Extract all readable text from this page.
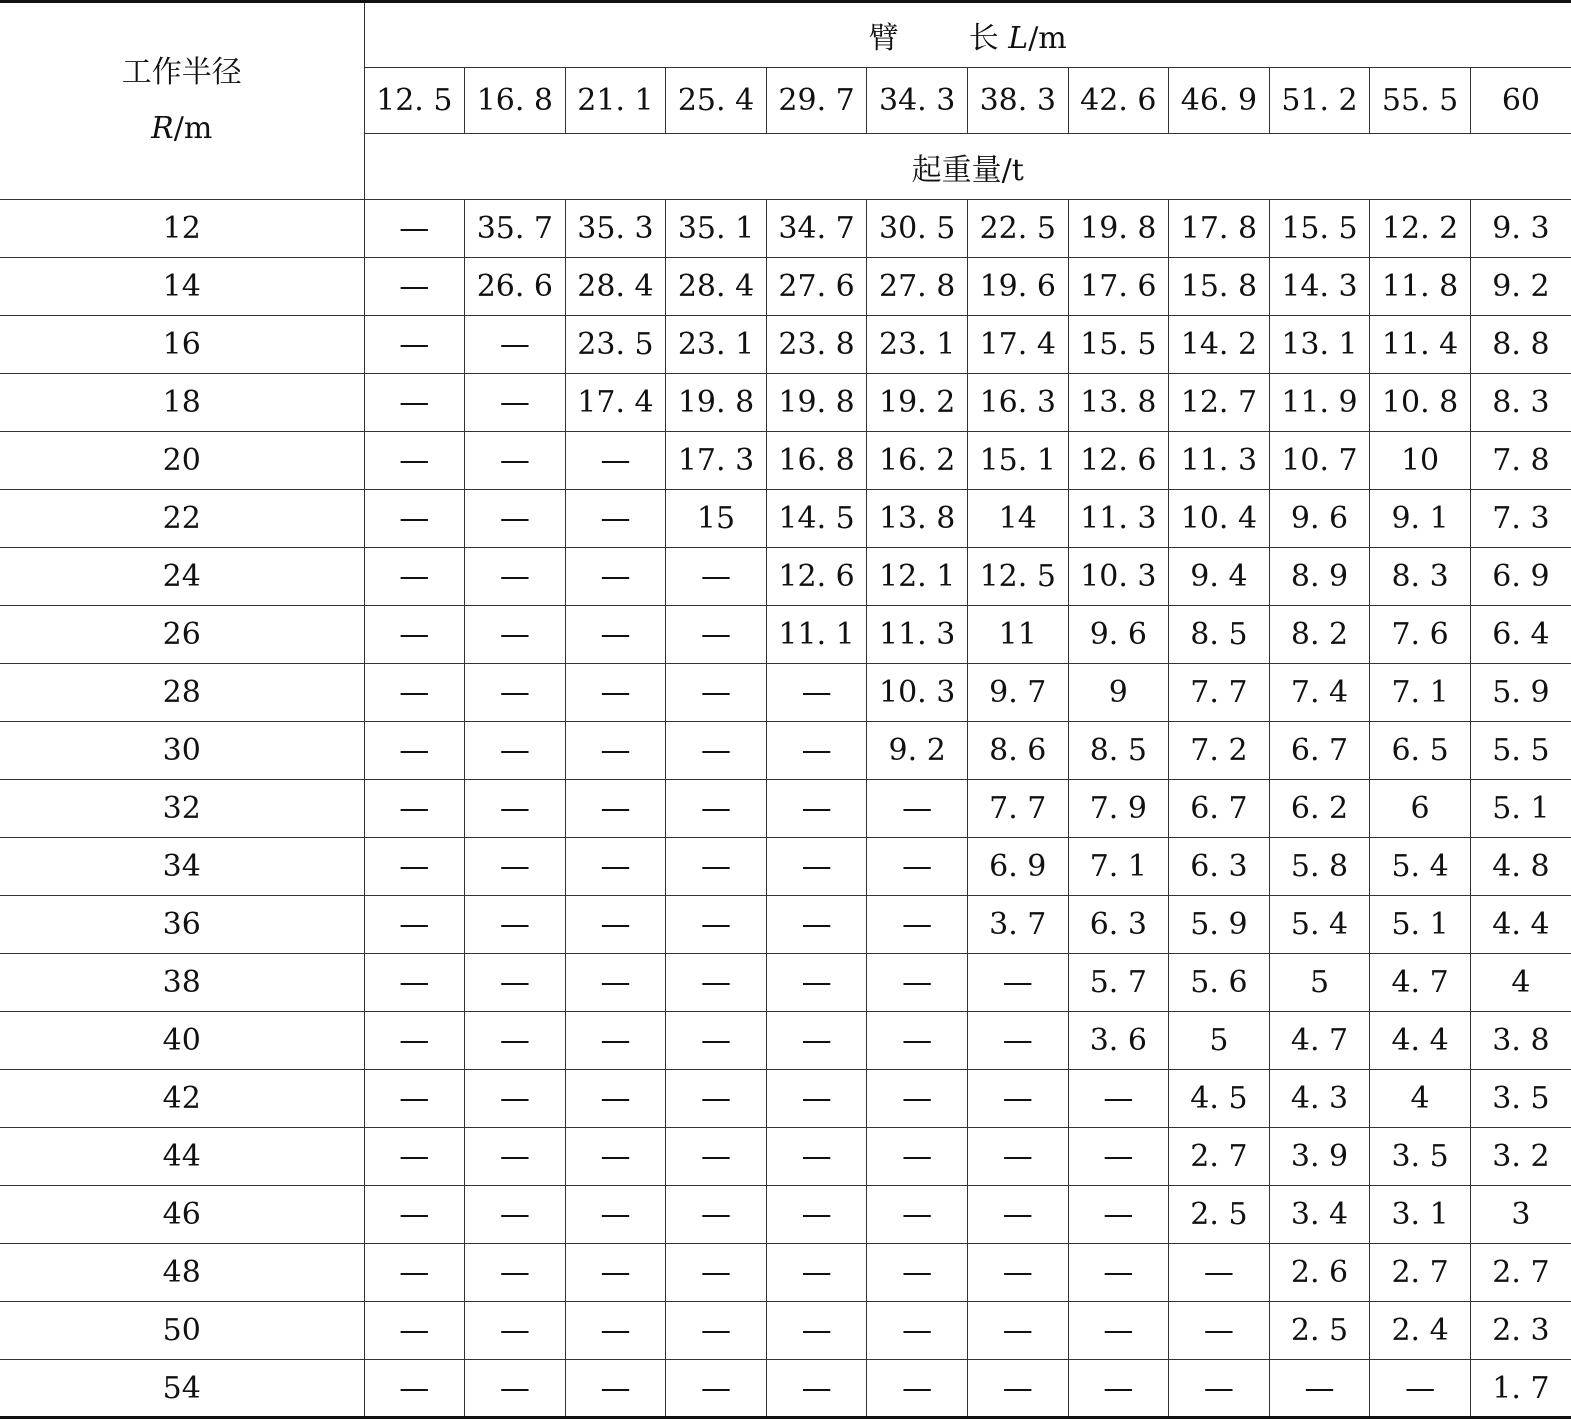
工作半径
R/m	臂 长 L/m											
	12. 5	16. 8	21. 1	25. 4	29. 7	34. 3	38. 3	42. 6	46. 9	51. 2	55. 5	60
	起重量/t											
12	—	35. 7	35. 3	35. 1	34. 7	30. 5	22. 5	19. 8	17. 8	15. 5	12. 2	9. 3
14	—	26. 6	28. 4	28. 4	27. 6	27. 8	19. 6	17. 6	15. 8	14. 3	11. 8	9. 2
16	—	—	23. 5	23. 1	23. 8	23. 1	17. 4	15. 5	14. 2	13. 1	11. 4	8. 8
18	—	—	17. 4	19. 8	19. 8	19. 2	16. 3	13. 8	12. 7	11. 9	10. 8	8. 3
20	—	—	—	17. 3	16. 8	16. 2	15. 1	12. 6	11. 3	10. 7	10	7. 8
22	—	—	—	15	14. 5	13. 8	14	11. 3	10. 4	9. 6	9. 1	7. 3
24	—	—	—	—	12. 6	12. 1	12. 5	10. 3	9. 4	8. 9	8. 3	6. 9
26	—	—	—	—	11. 1	11. 3	11	9. 6	8. 5	8. 2	7. 6	6. 4
28	—	—	—	—	—	10. 3	9. 7	9	7. 7	7. 4	7. 1	5. 9
30	—	—	—	—	—	9. 2	8. 6	8. 5	7. 2	6. 7	6. 5	5. 5
32	—	—	—	—	—	—	7. 7	7. 9	6. 7	6. 2	6	5. 1
34	—	—	—	—	—	—	6. 9	7. 1	6. 3	5. 8	5. 4	4. 8
36	—	—	—	—	—	—	3. 7	6. 3	5. 9	5. 4	5. 1	4. 4
38	—	—	—	—	—	—	—	5. 7	5. 6	5	4. 7	4
40	—	—	—	—	—	—	—	3. 6	5	4. 7	4. 4	3. 8
42	—	—	—	—	—	—	—	—	4. 5	4. 3	4	3. 5
44	—	—	—	—	—	—	—	—	2. 7	3. 9	3. 5	3. 2
46	—	—	—	—	—	—	—	—	2. 5	3. 4	3. 1	3
48	—	—	—	—	—	—	—	—	—	2. 6	2. 7	2. 7
50	—	—	—	—	—	—	—	—	—	2. 5	2. 4	2. 3
54	—	—	—	—	—	—	—	—	—	—	—	1. 7
